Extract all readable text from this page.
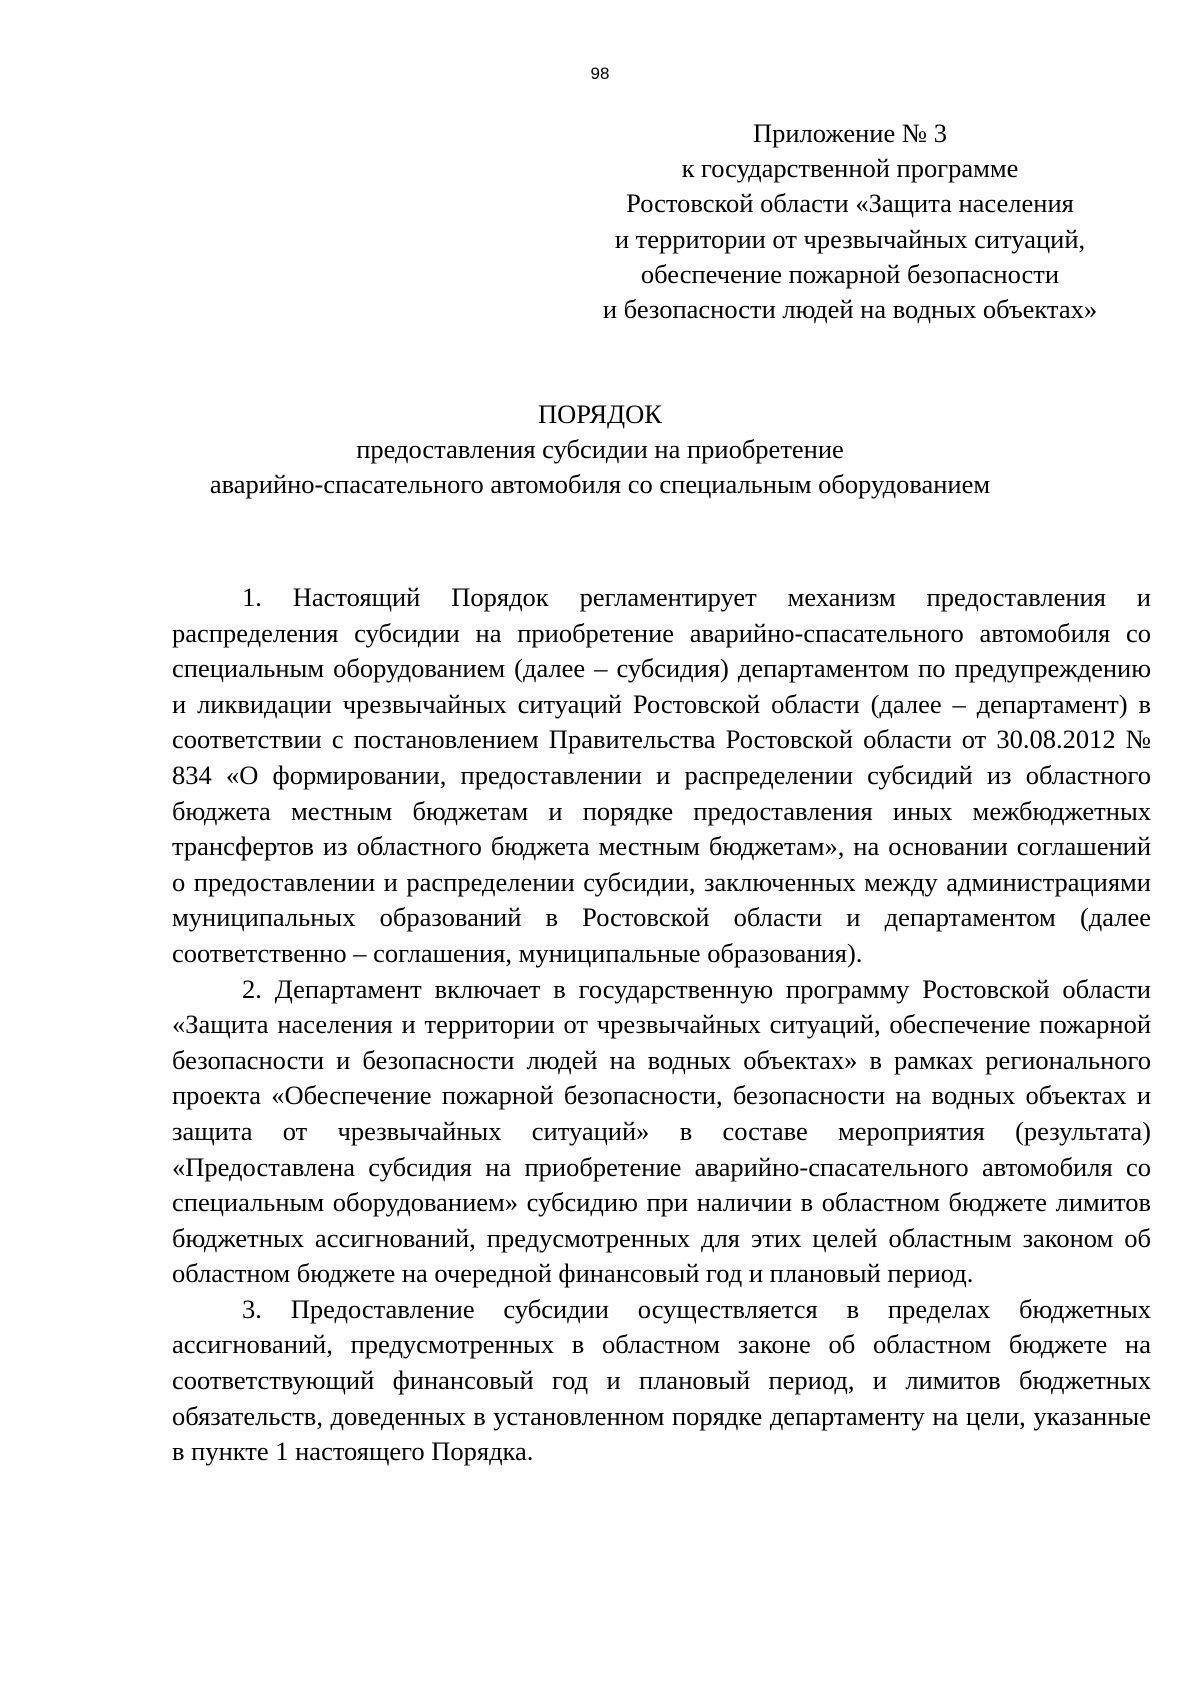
98
Приложение № 3
к государственной программе
Ростовской области «Защита населения
и территории от чрезвычайных ситуаций,
обеспечение пожарной безопасности
и безопасности людей на водных объектах»
ПОРЯДОК
предоставления субсидии на приобретение
аварийно-спасательного автомобиля со специальным оборудованием

1. Настоящий Порядок регламентирует механизм предоставления и распределения субсидии на приобретение аварийно-спасательного автомобиля со специальным оборудованием (далее – субсидия) департаментом по предупреждению и ликвидации чрезвычайных ситуаций Ростовской области (далее – департамент) в соответствии с постановлением Правительства Ростовской области от 30.08.2012 № 834 «О формировании, предоставлении и распределении субсидий из областного бюджета местным бюджетам и порядке предоставления иных межбюджетных трансфертов из областного бюджета местным бюджетам», на основании соглашений о предоставлении и распределении субсидии, заключенных между администрациями муниципальных образований в Ростовской области и департаментом (далее соответственно – соглашения, муниципальные образования).

2. Департамент включает в государственную программу Ростовской области «Защита населения и территории от чрезвычайных ситуаций, обеспечение пожарной безопасности и безопасности людей на водных объектах» в рамках регионального проекта «Обеспечение пожарной безопасности, безопасности на водных объектах и защита от чрезвычайных ситуаций» в составе мероприятия (результата) «Предоставлена субсидия на приобретение аварийно-спасательного автомобиля со специальным оборудованием» субсидию при наличии в областном бюджете лимитов бюджетных ассигнований, предусмотренных для этих целей областным законом об областном бюджете на очередной финансовый год и плановый период.

3. Предоставление субсидии осуществляется в пределах бюджетных ассигнований, предусмотренных в областном законе об областном бюджете на соответствующий финансовый год и плановый период, и лимитов бюджетных обязательств, доведенных в установленном порядке департаменту на цели, указанные в пункте 1 настоящего Порядка.
